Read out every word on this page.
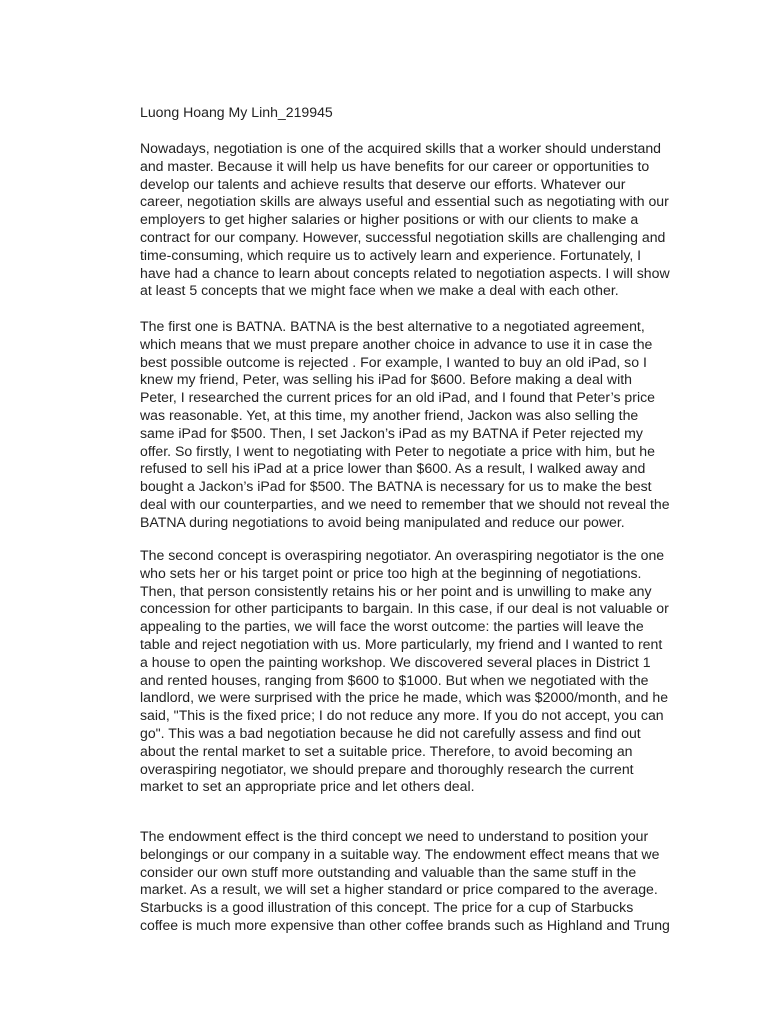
Luong Hoang My Linh_219945
Nowadays, negotiation is one of the acquired skills that a worker should understand
and master. Because it will help us have benefits for our career or opportunities to
develop our talents and achieve results that deserve our efforts. Whatever our
career, negotiation skills are always useful and essential such as negotiating with our
employers to get higher salaries or higher positions or with our clients to make a
contract for our company. However, successful negotiation skills are challenging and
time-consuming, which require us to actively learn and experience. Fortunately, I
have had a chance to learn about concepts related to negotiation aspects. I will show
at least 5 concepts that we might face when we make a deal with each other.
The first one is BATNA. BATNA is the best alternative to a negotiated agreement,
which means that we must prepare another choice in advance to use it in case the
best possible outcome is rejected . For example, I wanted to buy an old iPad, so I
knew my friend, Peter, was selling his iPad for $600. Before making a deal with
Peter, I researched the current prices for an old iPad, and I found that Peter’s price
was reasonable. Yet, at this time, my another friend, Jackon was also selling the
same iPad for $500. Then, I set Jackon’s iPad as my BATNA if Peter rejected my
offer. So firstly, I went to negotiating with Peter to negotiate a price with him, but he
refused to sell his iPad at a price lower than $600. As a result, I walked away and
bought a Jackon’s iPad for $500. The BATNA is necessary for us to make the best
deal with our counterparties, and we need to remember that we should not reveal the
BATNA during negotiations to avoid being manipulated and reduce our power.
The second concept is overaspiring negotiator. An overaspiring negotiator is the one
who sets her or his target point or price too high at the beginning of negotiations.
Then, that person consistently retains his or her point and is unwilling to make any
concession for other participants to bargain. In this case, if our deal is not valuable or
appealing to the parties, we will face the worst outcome: the parties will leave the
table and reject negotiation with us. More particularly, my friend and I wanted to rent
a house to open the painting workshop. We discovered several places in District 1
and rented houses, ranging from $600 to $1000. But when we negotiated with the
landlord, we were surprised with the price he made, which was $2000/month, and he
said, "This is the fixed price; I do not reduce any more. If you do not accept, you can
go". This was a bad negotiation because he did not carefully assess and find out
about the rental market to set a suitable price. Therefore, to avoid becoming an
overaspiring negotiator, we should prepare and thoroughly research the current
market to set an appropriate price and let others deal.
The endowment effect is the third concept we need to understand to position your
belongings or our company in a suitable way. The endowment effect means that we
consider our own stuff more outstanding and valuable than the same stuff in the
market. As a result, we will set a higher standard or price compared to the average.
Starbucks is a good illustration of this concept. The price for a cup of Starbucks
coffee is much more expensive than other coffee brands such as Highland and Trung
